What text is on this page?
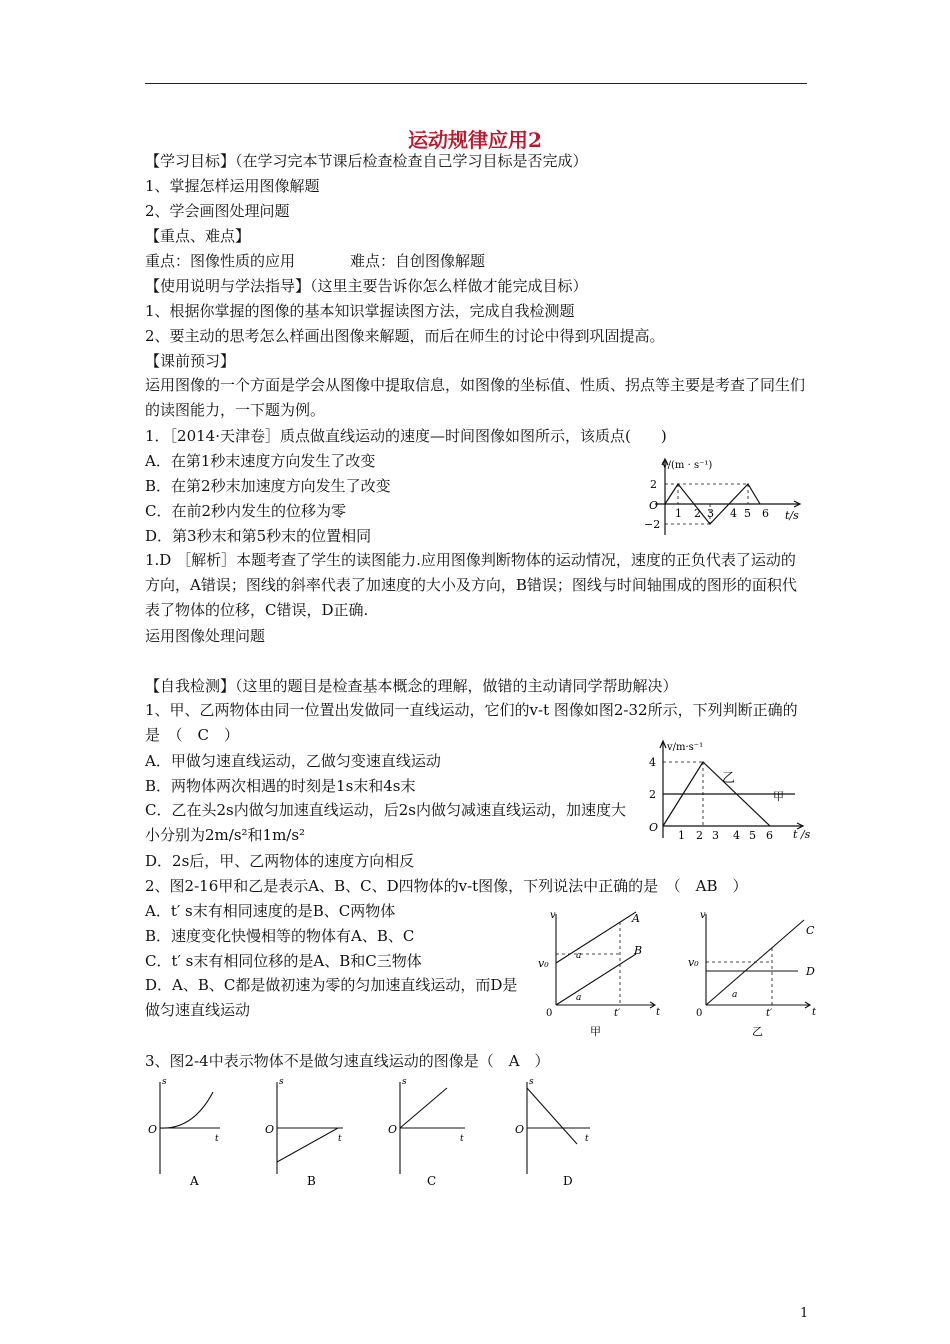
运动规律应用2
【学习目标】（在学习完本节课后检查检查自己学习目标是否完成）
1、掌握怎样运用图像解题
2、学会画图处理问题
【重点、难点】
重点：图像性质的应用	难点：自创图像解题
【使用说明与学法指导】（这里主要告诉你怎么样做才能完成目标）
1、根据你掌握的图像的基本知识掌握读图方法，完成自我检测题
2、要主动的思考怎么样画出图像来解题，而后在师生的讨论中得到巩固提高。
【课前预习】
运用图像的一个方面是学会从图像中提取信息，如图像的坐标值、性质、拐点等主要是考查了同生们的读图能力，一下题为例。
1．［2014·天津卷］质点做直线运动的速度—时间图像如图所示，该质点(　　)
A．在第1秒末速度方向发生了改变
B．在第2秒末加速度方向发生了改变
C．在前2秒内发生的位移为零
D．第3秒末和第5秒末的位置相同
1.D ［解析］本题考查了学生的读图能力.应用图像判断物体的运动情况，速度的正负代表了运动的方向，A错误；图线的斜率代表了加速度的大小及方向，B错误；图线与时间轴围成的图形的面积代表了物体的位移，C错误，D正确.
运用图像处理问题
v/(m · s⁻¹)
2
O
−2
1 2 3 4 5 6 t/s
【自我检测】（这里的题目是检查基本概念的理解，做错的主动请同学帮助解决）
1、甲、乙两物体由同一位置出发做同一直线运动，它们的v-t 图像如图2-32所示，下列判断正确的是　（　C　）
A．甲做匀速直线运动，乙做匀变速直线运动
B．两物体两次相遇的时刻是1s末和4s末
C．乙在头2s内做匀加速直线运动，后2s内做匀减速直线运动，加速度大小分别为2m/s²和1m/s²
D．2s后，甲、乙两物体的速度方向相反
v/m·s⁻¹
4
2
O
乙
甲
1 2 3 4 5 6 t /s
2、图2-16甲和乙是表示A、B、C、D四物体的v-t图像，下列说法中正确的是　（　AB　）
A．t′ s末有相同速度的是B、C两物体
B．速度变化快慢相等的物体有A、B、C
C．t′ s末有相同位移的是A、B和C三物体
D．A、B、C都是做初速为零的匀加速直线运动，而D是做匀速直线运动
v
v₀
a
a
A
B
0	t′	t
甲
v
v₀
a
C
D
0	t′	t
乙
3、图2-4中表示物体不是做匀速直线运动的图像是（　A　）
s
O
t
s
O
t
s
O
t
s
O
t
A	B	C	D
1
